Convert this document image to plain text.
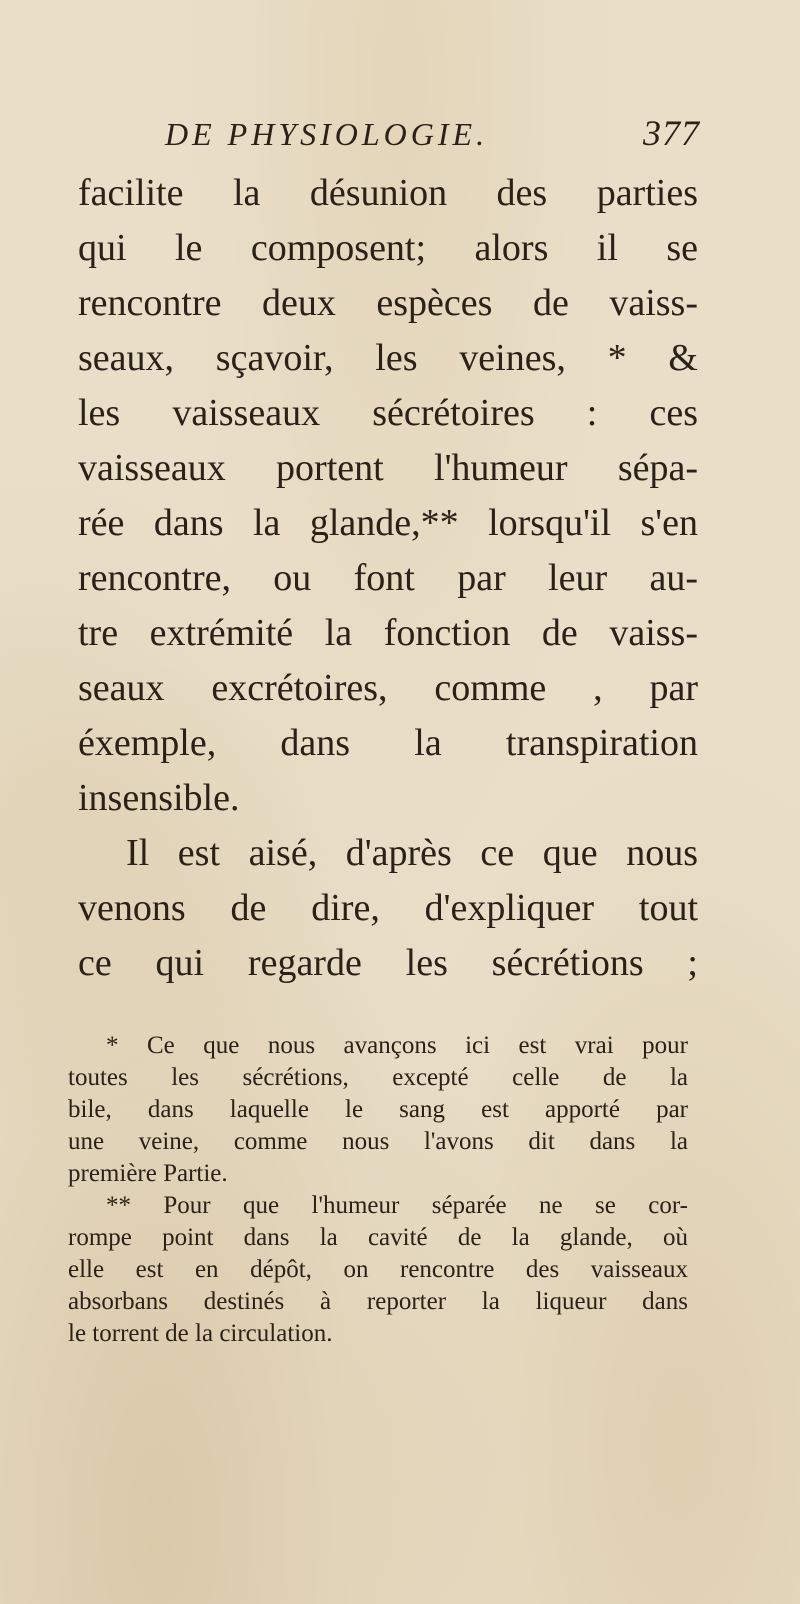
DE PHYSIOLOGIE.	377
facilite la désunion des parties
qui le composent; alors il se
rencontre deux espèces de vaiss-
seaux, sçavoir, les veines, * &
les vaisseaux sécrétoires : ces
vaisseaux portent l'humeur sépa-
rée dans la glande,** lorsqu'il s'en
rencontre, ou font par leur au-
tre extrémité la fonction de vaiss-
seaux excrétoires, comme , par
éxemple, dans la transpiration
insensible.
Il est aisé, d'après ce que nous
venons de dire, d'expliquer tout
ce qui regarde les sécrétions ;
* Ce que nous avançons ici est vrai pour
toutes les sécrétions, excepté celle de la
bile, dans laquelle le sang est apporté par
une veine, comme nous l'avons dit dans la
première Partie.
** Pour que l'humeur séparée ne se cor-
rompe point dans la cavité de la glande, où
elle est en dépôt, on rencontre des vaisseaux
absorbans destinés à reporter la liqueur dans
le torrent de la circulation.
